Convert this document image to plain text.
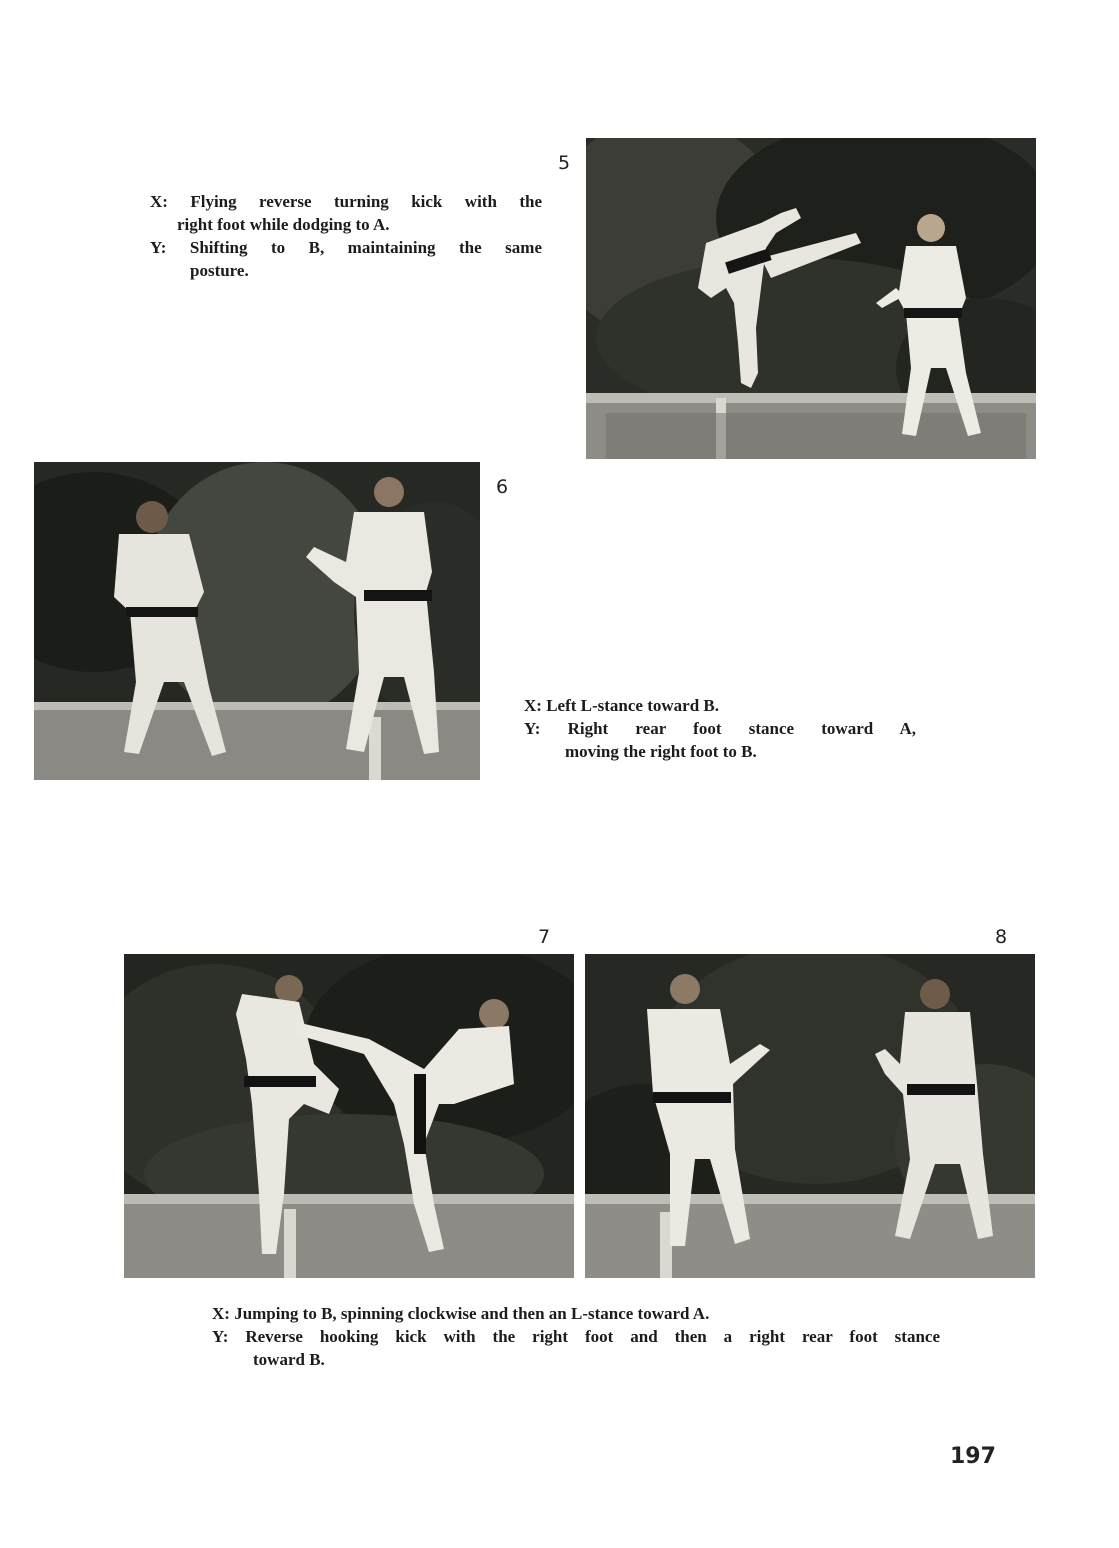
X: Flying reverse turning kick with the
right foot while dodging to A.
Y: Shifting to B, maintaining the same
posture.
5
6
X: Left L-stance toward B.
Y: Right rear foot stance toward A,
moving the right foot to B.
7	8
X: Jumping to B, spinning clockwise and then an L-stance toward A.
Y: Reverse hooking kick with the right foot and then a right rear foot stance
toward B.
197
